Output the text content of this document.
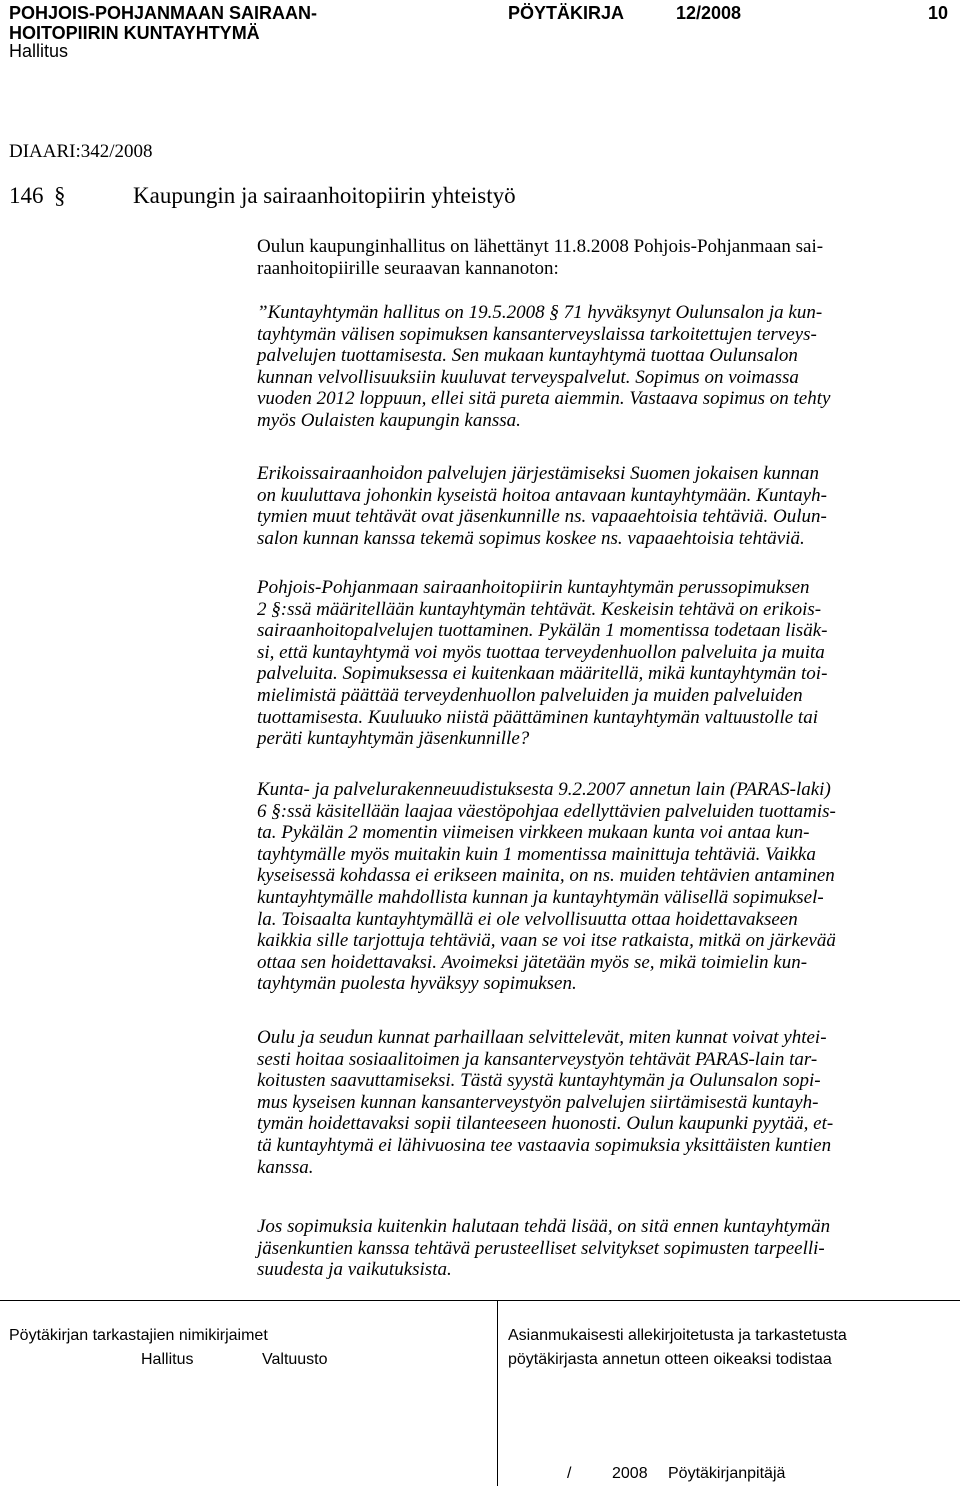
POHJOIS-POHJANMAAN SAIRAAN-
HOITOPIIRIN KUNTAYHTYMÄ
PÖYTÄKIRJA	12/2008	10
Hallitus
DIAARI:342/2008
146 §	Kaupungin ja sairaanhoitopiirin yhteistyö
Oulun kaupunginhallitus on lähettänyt 11.8.2008 Pohjois-Pohjanmaan sai-
raanhoitopiirille seuraavan kannanoton:
”Kuntayhtymän hallitus on 19.5.2008 § 71 hyväksynyt Oulunsalon ja kun-
tayhtymän välisen sopimuksen kansanterveyslaissa tarkoitettujen terveys-
palvelujen tuottamisesta. Sen mukaan kuntayhtymä tuottaa Oulunsalon
kunnan velvollisuuksiin kuuluvat terveyspalvelut. Sopimus on voimassa
vuoden 2012 loppuun, ellei sitä pureta aiemmin. Vastaava sopimus on tehty
myös Oulaisten kaupungin kanssa.
Erikoissairaanhoidon palvelujen järjestämiseksi Suomen jokaisen kunnan
on kuuluttava johonkin kyseistä hoitoa antavaan kuntayhtymään. Kuntayh-
tymien muut tehtävät ovat jäsenkunnille ns. vapaaehtoisia tehtäviä. Oulun-
salon kunnan kanssa tekemä sopimus koskee ns. vapaaehtoisia tehtäviä.
Pohjois-Pohjanmaan sairaanhoitopiirin kuntayhtymän perussopimuksen
2 §:ssä määritellään kuntayhtymän tehtävät. Keskeisin tehtävä on erikois-
sairaanhoitopalvelujen tuottaminen. Pykälän 1 momentissa todetaan lisäk-
si, että kuntayhtymä voi myös tuottaa terveydenhuollon palveluita ja muita
palveluita. Sopimuksessa ei kuitenkaan määritellä, mikä kuntayhtymän toi-
mielimistä päättää terveydenhuollon palveluiden ja muiden palveluiden
tuottamisesta. Kuuluuko niistä päättäminen kuntayhtymän valtuustolle tai
peräti kuntayhtymän jäsenkunnille?
Kunta- ja palvelurakenneuudistuksesta 9.2.2007 annetun lain (PARAS-laki)
6 §:ssä käsitellään laajaa väestöpohjaa edellyttävien palveluiden tuottamis-
ta. Pykälän 2 momentin viimeisen virkkeen mukaan kunta voi antaa kun-
tayhtymälle myös muitakin kuin 1 momentissa mainittuja tehtäviä. Vaikka
kyseisessä kohdassa ei erikseen mainita, on ns. muiden tehtävien antaminen
kuntayhtymälle mahdollista kunnan ja kuntayhtymän välisellä sopimuksel-
la. Toisaalta kuntayhtymällä ei ole velvollisuutta ottaa hoidettavakseen
kaikkia sille tarjottuja tehtäviä, vaan se voi itse ratkaista, mitkä on järkevää
ottaa sen hoidettavaksi. Avoimeksi jätetään myös se, mikä toimielin kun-
tayhtymän puolesta hyväksyy sopimuksen.
Oulu ja seudun kunnat parhaillaan selvittelevät, miten kunnat voivat yhtei-
sesti hoitaa sosiaalitoimen ja kansanterveystyön tehtävät PARAS-lain tar-
koitusten saavuttamiseksi. Tästä syystä kuntayhtymän ja Oulunsalon sopi-
mus kyseisen kunnan kansanterveystyön palvelujen siirtämisestä kuntayh-
tymän hoidettavaksi sopii tilanteeseen huonosti. Oulun kaupunki pyytää, et-
tä kuntayhtymä ei lähivuosina tee vastaavia sopimuksia yksittäisten kuntien
kanssa.
Jos sopimuksia kuitenkin halutaan tehdä lisää, on sitä ennen kuntayhtymän
jäsenkuntien kanssa tehtävä perusteelliset selvitykset sopimusten tarpeelli-
suudesta ja vaikutuksista.
Pöytäkirjan tarkastajien nimikirjaimet
Hallitus	Valtuusto
Asianmukaisesti allekirjoitetusta ja tarkastetusta
pöytäkirjasta annetun otteen oikeaksi todistaa
/	2008 Pöytäkirjanpitäjä
